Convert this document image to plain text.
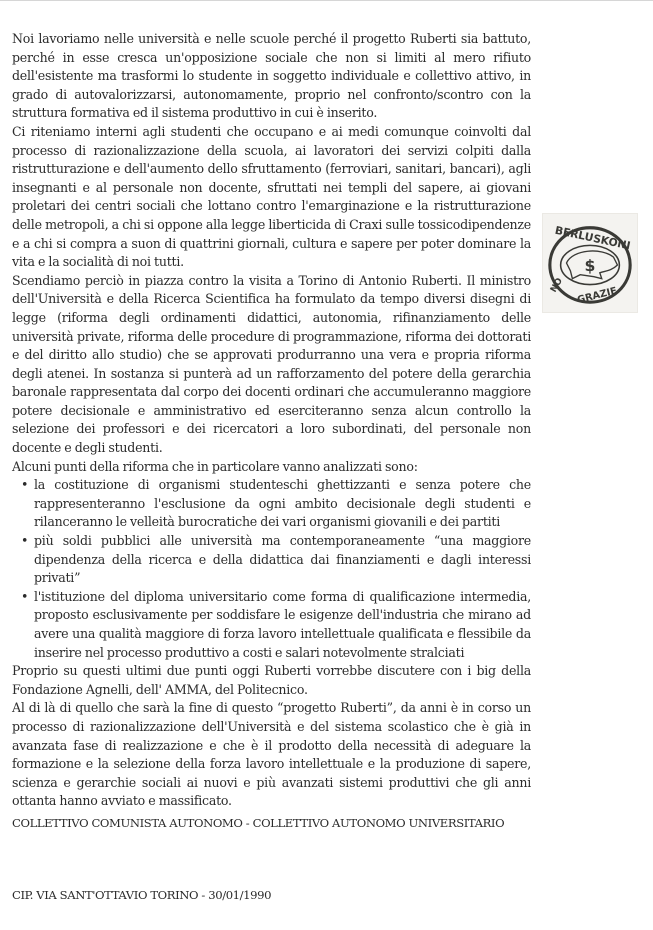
Noi lavoriamo nelle università e nelle scuole perché il progetto Ruberti sia battuto, perché in esse cresca un'opposizione sociale che non si limiti al mero rifiuto dell'esistente ma trasformi lo studente in soggetto individuale e collettivo attivo, in grado di autovalorizzarsi, autonomamente, proprio nel confronto/scontro con la struttura formativa ed il sistema produttivo in cui è inserito.

Ci riteniamo interni agli studenti che occupano e ai medi comunque coinvolti dal processo di razionalizzazione della scuola, ai lavoratori dei servizi colpiti dalla ristrutturazione e dell'aumento dello sfruttamento (ferroviari, sanitari, bancari), agli insegnanti e al personale non docente, sfruttati nei templi del sapere, ai giovani proletari dei centri sociali che lottano contro l'emarginazione e la ristrutturazione delle metropoli, a chi si oppone alla legge liberticida di Craxi sulle tossicodipendenze e a chi si compra a suon di quattrini giornali, cultura e sapere per poter dominare la vita e la socialità di noi tutti.

Scendiamo perciò in piazza contro la visita a Torino di Antonio Ruberti. Il ministro dell'Università e della Ricerca Scientifica ha formulato da tempo diversi disegni di legge (riforma degli ordinamenti didattici, autonomia, rifinanziamento delle università private, riforma delle procedure di programmazione, riforma dei dottorati e del diritto allo studio) che se approvati produrranno una vera e propria riforma degli atenei. In sostanza si punterà ad un rafforzamento del potere della gerarchia baronale rappresentata dal corpo dei docenti ordinari che accumuleranno maggiore potere decisionale e amministrativo ed eserciteranno senza alcun controllo la selezione dei professori e dei ricercatori a loro subordinati, del personale non docente e degli studenti.

Alcuni punti della riforma che in particolare vanno analizzati sono:

• la costituzione di organismi studenteschi ghettizzanti e senza potere che rappresenteranno l'esclusione da ogni ambito decisionale degli studenti e rilanceranno le velleità burocratiche dei vari organismi giovanili e dei partiti
• più soldi pubblici alle università ma contemporaneamente “una maggiore dipendenza della ricerca e della didattica dai finanziamenti e dagli interessi privati”
• l'istituzione del diploma universitario come forma di qualificazione intermedia, proposto esclusivamente per soddisfare le esigenze dell'industria che mirano ad avere una qualità maggiore di forza lavoro intellettuale qualificata e flessibile da inserire nel processo produttivo a costi e salari notevolmente stralciati

Proprio su questi ultimi due punti oggi Ruberti vorrebbe discutere con i big della Fondazione Agnelli, dell' AMMA, del Politecnico.

Al di là di quello che sarà la fine di questo “progetto Ruberti”, da anni è in corso un processo di razionalizzazione dell'Università e del sistema scolastico che è già in avanzata fase di realizzazione e che è il prodotto della necessità di adeguare la formazione e la selezione della forza lavoro intellettuale e la produzione di sapere, scienza e gerarchie sociali ai nuovi e più avanzati sistemi produttivi che gli anni ottanta hanno avviato e massificato.

COLLETTIVO COMUNISTA AUTONOMO - COLLETTIVO AUTONOMO UNIVERSITARIO
CIP. VIA SANT'OTTAVIO TORINO - 30/01/1990
$
BERLUSKONI
NO
GRAZIE
